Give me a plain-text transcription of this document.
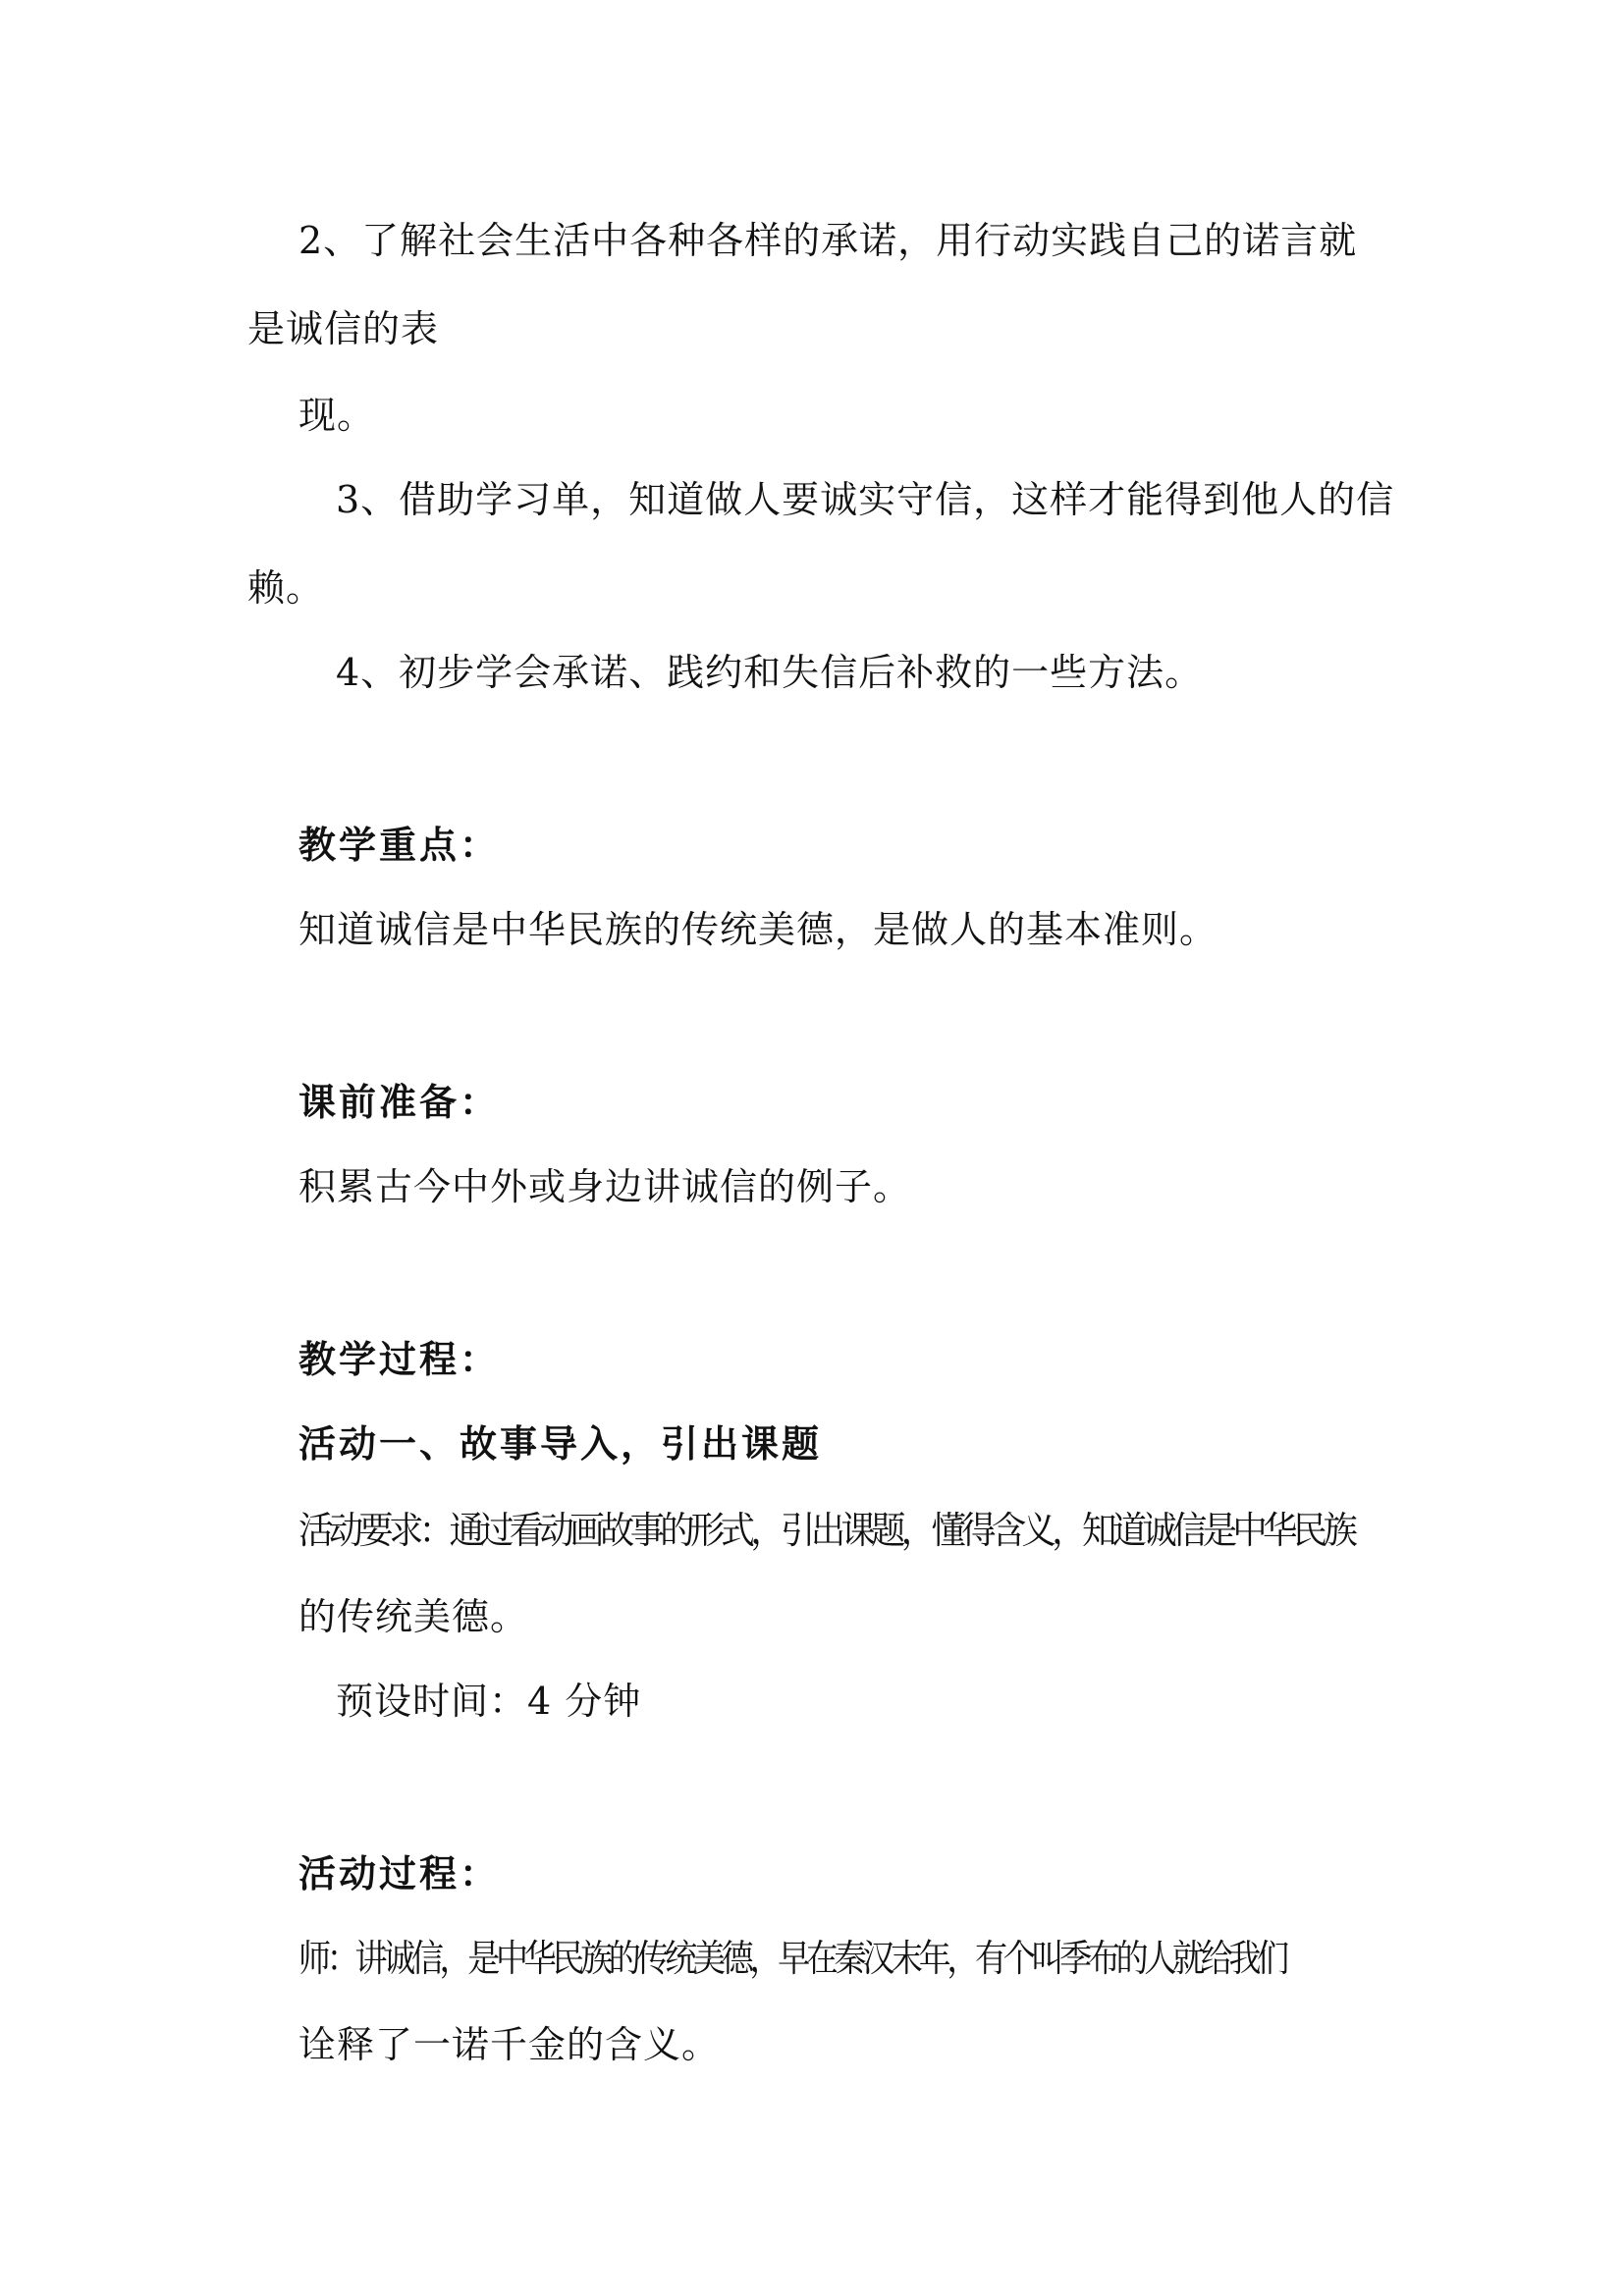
2、了解社会生活中各种各样的承诺，用行动实践自己的诺言就
是诚信的表
现。
3、借助学习单，知道做人要诚实守信，这样才能得到他人的信
赖。
4、初步学会承诺、践约和失信后补救的一些方法。
教学重点：
知道诚信是中华民族的传统美德，是做人的基本准则。
课前准备：
积累古今中外或身边讲诚信的例子。
教学过程：
活动一、故事导入，引出课题
活动要求：通过看动画故事的形式，引出课题，懂得含义，知道诚信是中华民族
的传统美德。
预设时间：4 分钟
活动过程：
师：讲诚信，是中华民族的传统美德，早在秦汉末年，有个叫季布的人就给我们
诠释了一诺千金的含义。
